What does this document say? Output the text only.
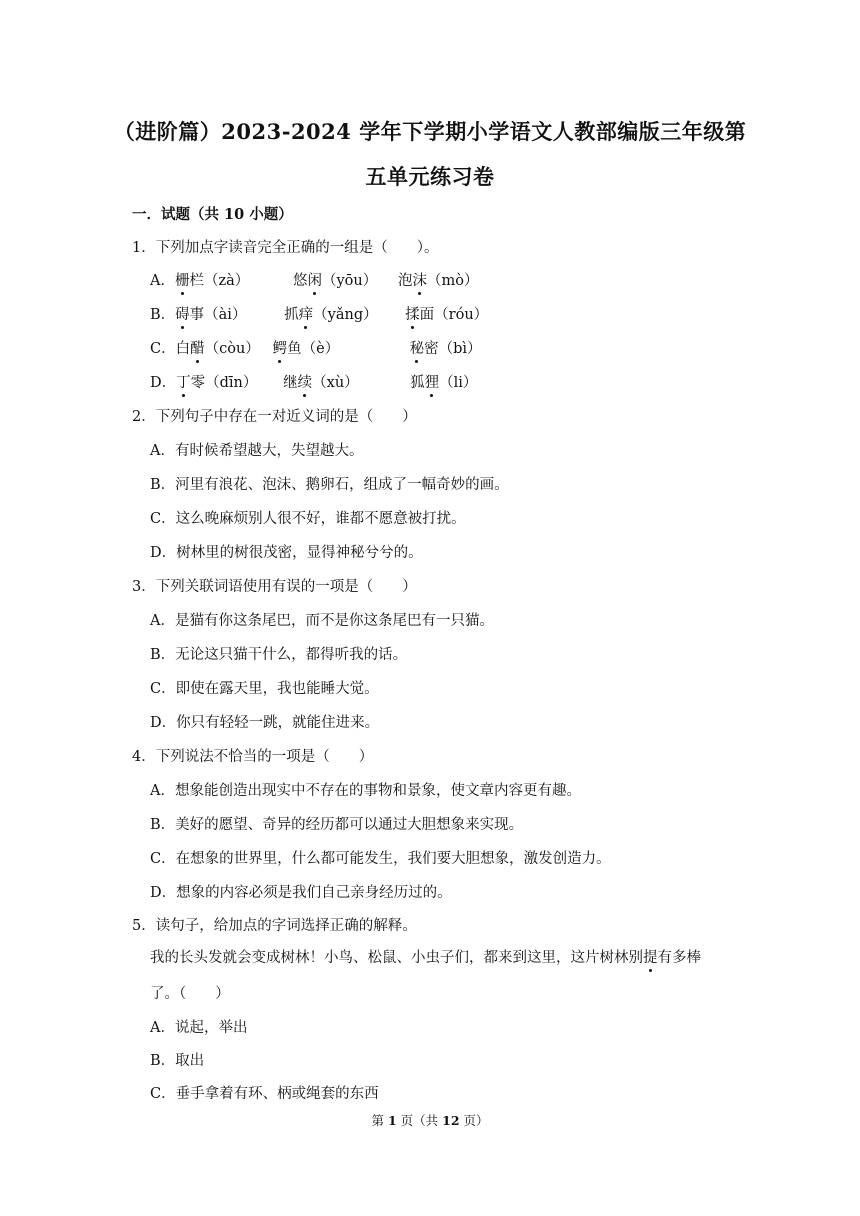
（进阶篇）2023-2024 学年下学期小学语文人教部编版三年级第
五单元练习卷
一．试题（共 10 小题）
1．下列加点字读音完全正确的一组是（　　）。
A．栅栏（zà）	悠闲（yōu） 泡沫（mò）
B．碍事（ài）	抓痒（yǎng） 揉面（róu）
C．白醋（còu） 鳄鱼（è）	秘密（bì）
D．丁零（dīn） 继续（xù）	狐狸（li）
2．下列句子中存在一对近义词的是（　　）
A．有时候希望越大，失望越大。
B．河里有浪花、泡沫、鹅卵石，组成了一幅奇妙的画。
C．这么晚麻烦别人很不好，谁都不愿意被打扰。
D．树林里的树很茂密，显得神秘兮兮的。
3．下列关联词语使用有误的一项是（　　）
A．是猫有你这条尾巴，而不是你这条尾巴有一只猫。
B．无论这只猫干什么，都得听我的话。
C．即使在露天里，我也能睡大觉。
D．你只有轻轻一跳，就能住进来。
4．下列说法不恰当的一项是（　　）
A．想象能创造出现实中不存在的事物和景象，使文章内容更有趣。
B．美好的愿望、奇异的经历都可以通过大胆想象来实现。
C．在想象的世界里，什么都可能发生，我们要大胆想象，激发创造力。
D．想象的内容必须是我们自己亲身经历过的。
5．读句子，给加点的字词选择正确的解释。
我的长头发就会变成树林！小鸟、松鼠、小虫子们，都来到这里，这片树林别提有多棒
了。（　　）
A．说起，举出
B．取出
C．垂手拿着有环、柄或绳套的东西
第 1 页（共 12 页）
